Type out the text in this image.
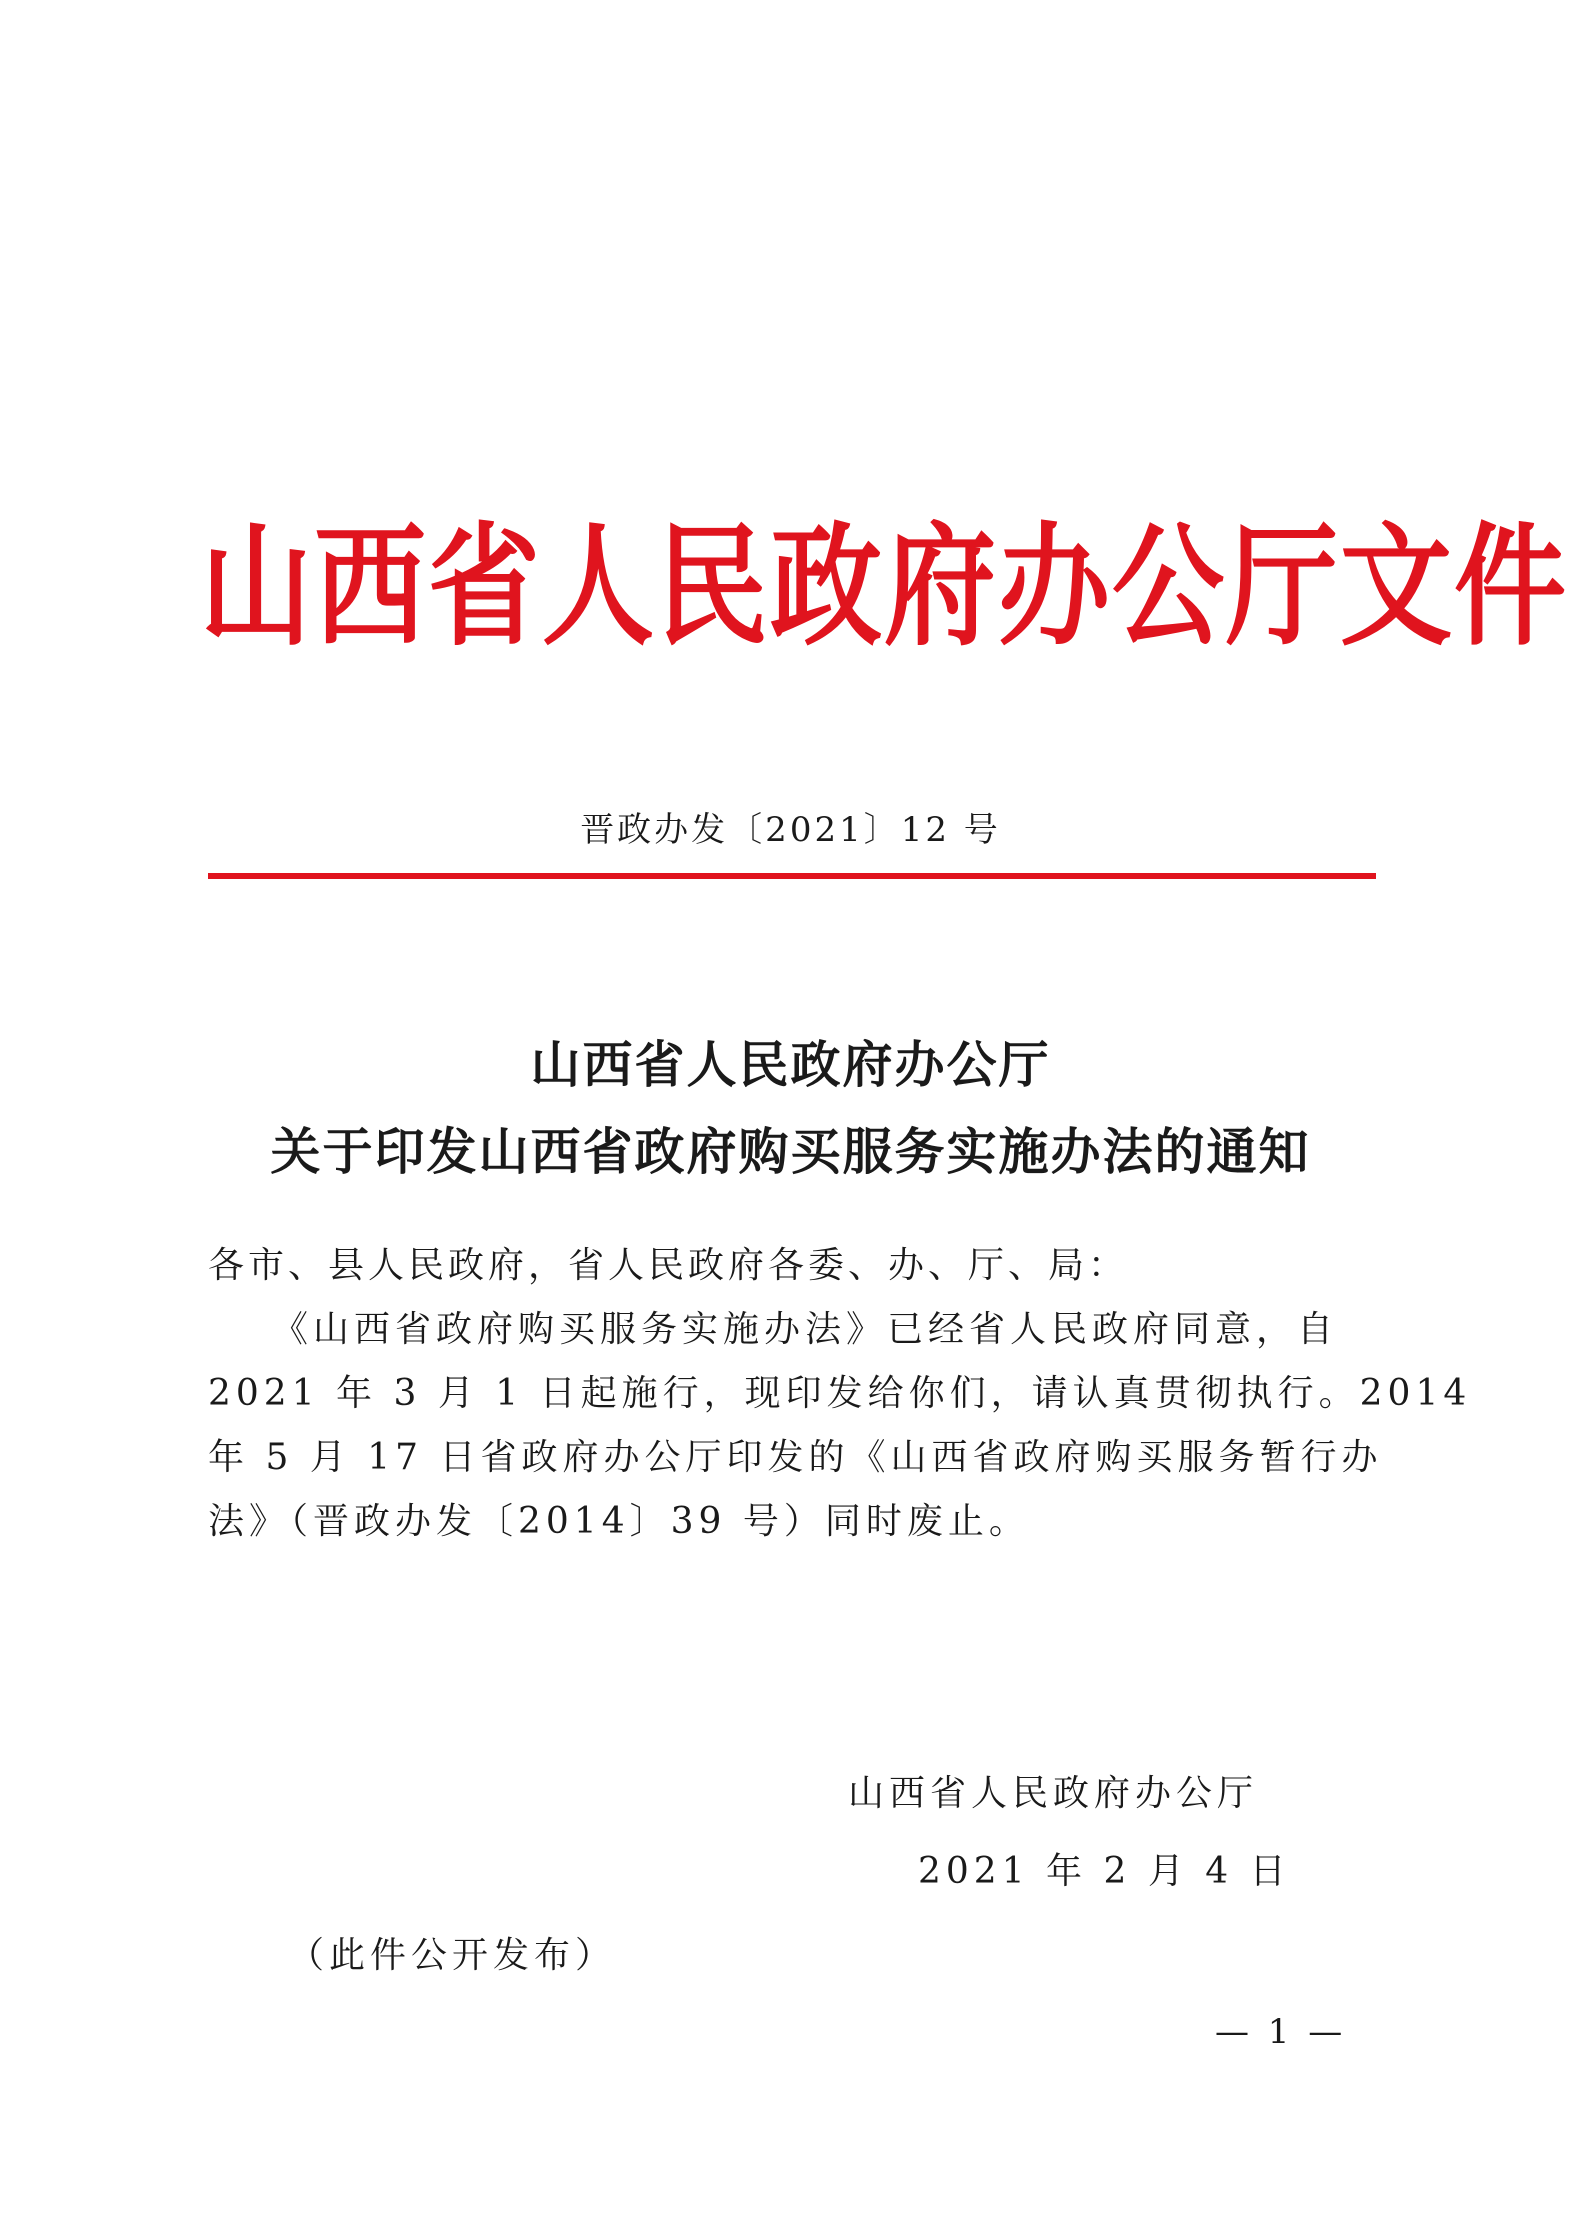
山西省人民政府办公厅文件
晋政办发〔2021〕12 号
山西省人民政府办公厅
关于印发山西省政府购买服务实施办法的通知
各市、县人民政府，省人民政府各委、办、厅、局：
《山西省政府购买服务实施办法》已经省人民政府同意，自
2021 年 3 月 1 日起施行，现印发给你们，请认真贯彻执行。2014
年 5 月 17 日省政府办公厅印发的《山西省政府购买服务暂行办
法》（晋政办发〔2014〕39 号）同时废止。
山西省人民政府办公厅
2021 年 2 月 4 日
（此件公开发布）
— 1 —
